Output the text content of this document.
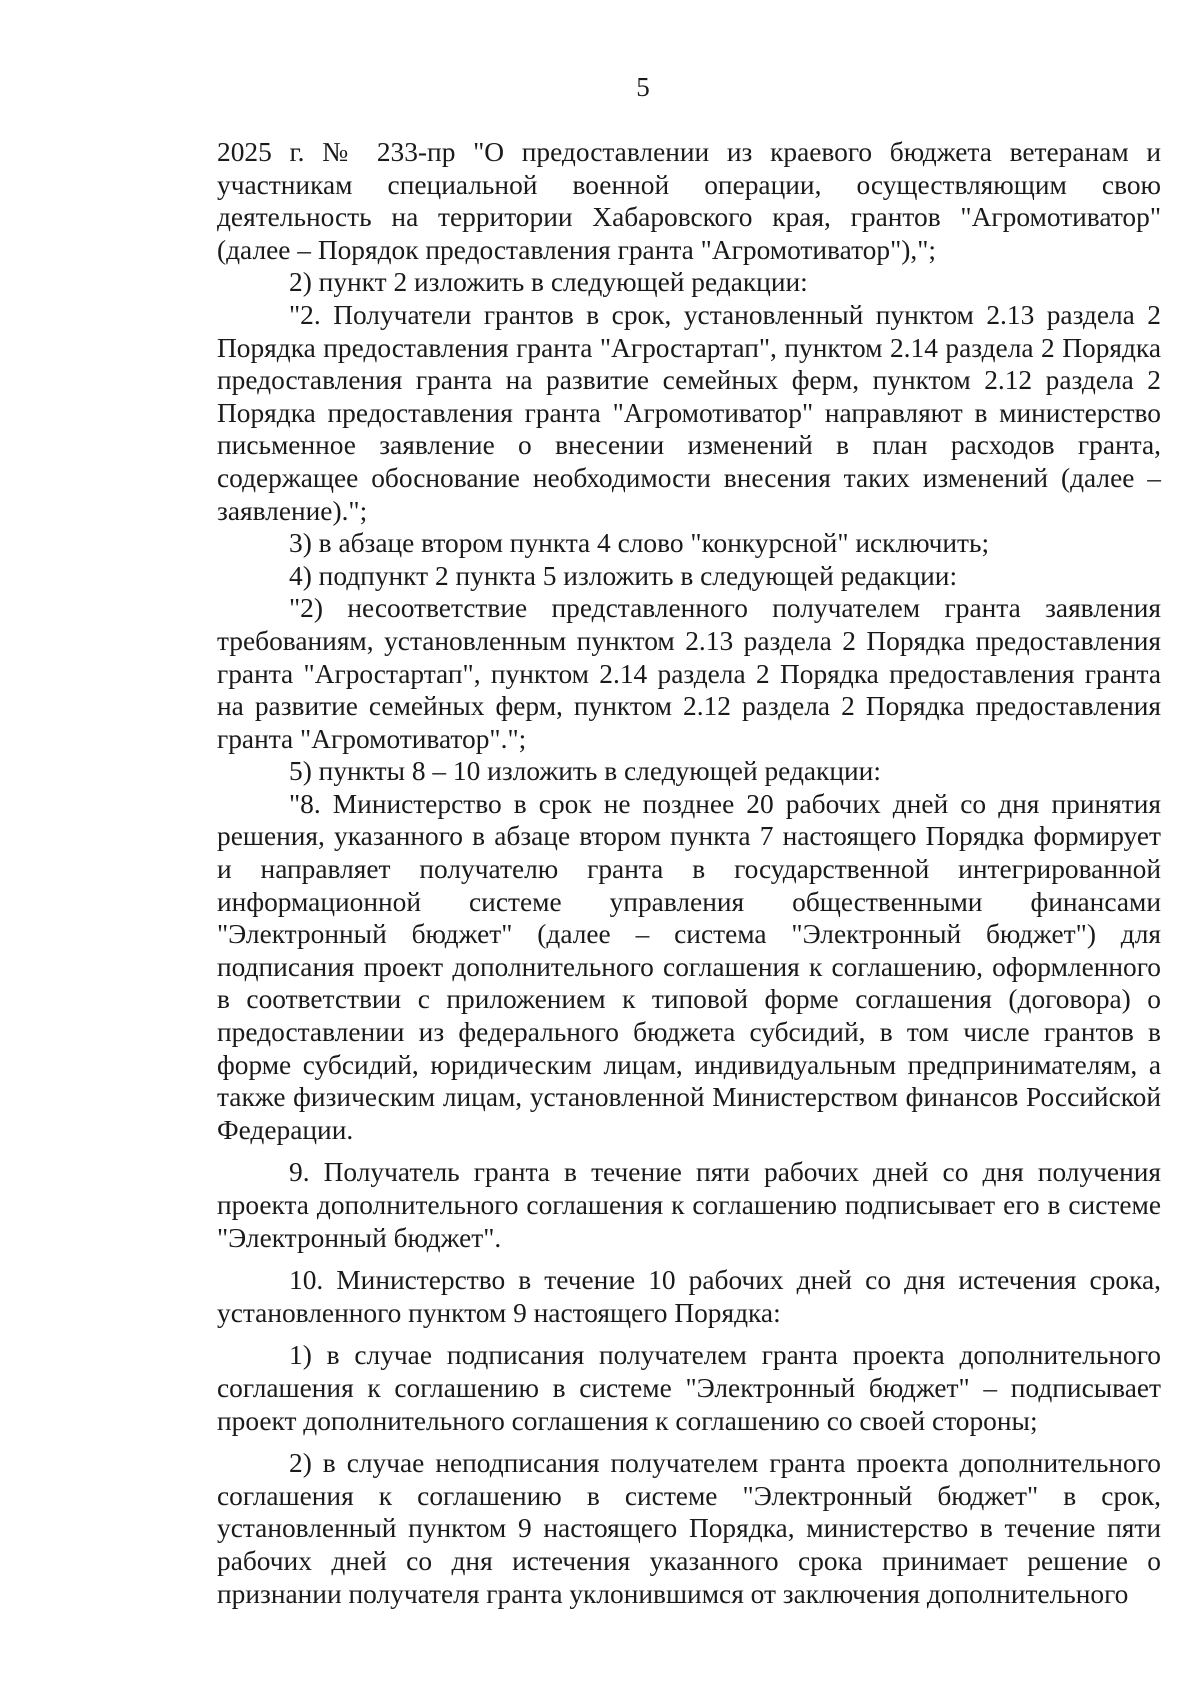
5

2025 г. № 233-пр "О предоставлении из краевого бюджета ветеранам и участникам специальной военной операции, осуществляющим свою деятельность на территории Хабаровского края, грантов "Агромотиватор" (далее – Порядок предоставления гранта "Агромотиватор"),";

2) пункт 2 изложить в следующей редакции:

"2. Получатели грантов в срок, установленный пунктом 2.13 раздела 2 Порядка предоставления гранта "Агростартап", пунктом 2.14 раздела 2 Порядка предоставления гранта на развитие семейных ферм, пунктом 2.12 раздела 2 Порядка предоставления гранта "Агромотиватор" направляют в министерство письменное заявление о внесении изменений в план расходов гранта, содержащее обоснование необходимости внесения таких изменений (далее – заявление).";

3) в абзаце втором пункта 4 слово "конкурсной" исключить;

4) подпункт 2 пункта 5 изложить в следующей редакции:

"2) несоответствие представленного получателем гранта заявления требованиям, установленным пунктом 2.13 раздела 2 Порядка предоставления гранта "Агростартап", пунктом 2.14 раздела 2 Порядка предоставления гранта на развитие семейных ферм, пунктом 2.12 раздела 2 Порядка предоставления гранта "Агромотиватор".";

5) пункты 8 – 10 изложить в следующей редакции:

"8. Министерство в срок не позднее 20 рабочих дней со дня принятия решения, указанного в абзаце втором пункта 7 настоящего Порядка формирует и направляет получателю гранта в государственной интегрированной информационной системе управления общественными финансами "Электронный бюджет" (далее – система "Электронный бюджет") для подписания проект дополнительного соглашения к соглашению, оформленного в соответствии с приложением к типовой форме соглашения (договора) о предоставлении из федерального бюджета субсидий, в том числе грантов в форме субсидий, юридическим лицам, индивидуальным предпринимателям, а также физическим лицам, установленной Министерством финансов Российской Федерации.

9. Получатель гранта в течение пяти рабочих дней со дня получения проекта дополнительного соглашения к соглашению подписывает его в системе "Электронный бюджет".

10. Министерство в течение 10 рабочих дней со дня истечения срока, установленного пунктом 9 настоящего Порядка:

1) в случае подписания получателем гранта проекта дополнительного соглашения к соглашению в системе "Электронный бюджет" – подписывает проект дополнительного соглашения к соглашению со своей стороны;

2) в случае неподписания получателем гранта проекта дополнительного соглашения к соглашению в системе "Электронный бюджет" в срок, установленный пунктом 9 настоящего Порядка, министерство в течение пяти рабочих дней со дня истечения указанного срока принимает решение о признании получателя гранта уклонившимся от заключения дополнительного
